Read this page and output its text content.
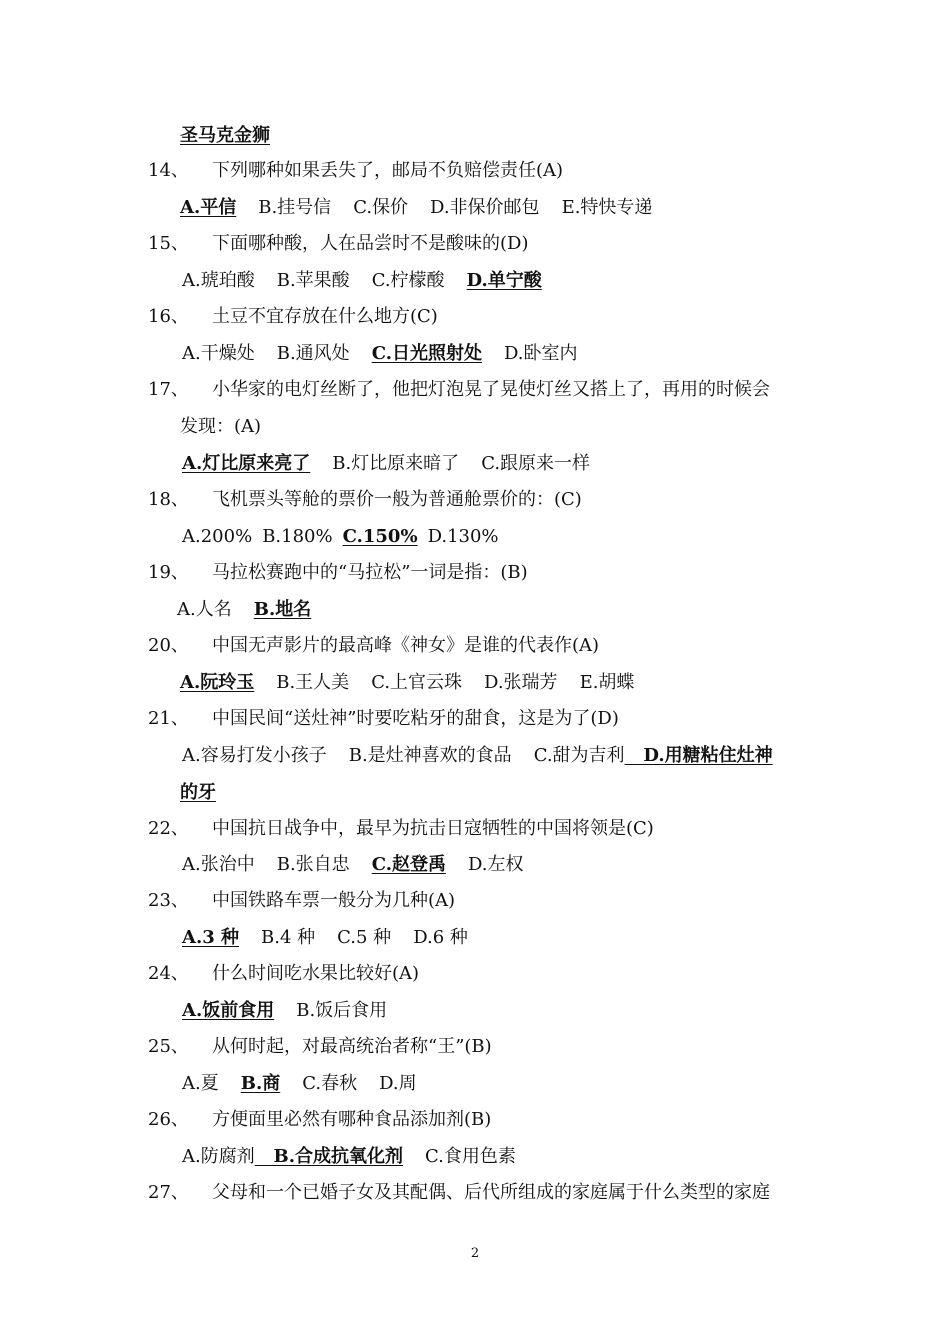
圣马克金狮
14、 下列哪种如果丢失了，邮局不负赔偿责任(A)
A.平信 B.挂号信 C.保价 D.非保价邮包 E.特快专递
15、 下面哪种酸，人在品尝时不是酸味的(D)
A.琥珀酸 B.苹果酸 C.柠檬酸 D.单宁酸
16、 土豆不宜存放在什么地方(C)
A.干燥处 B.通风处 C.日光照射处 D.卧室内
17、 小华家的电灯丝断了，他把灯泡晃了晃使灯丝又搭上了，再用的时候会
发现：(A)
A.灯比原来亮了 B.灯比原来暗了 C.跟原来一样
18、 飞机票头等舱的票价一般为普通舱票价的：(C)
A.200% B.180% C.150% D.130%
19、 马拉松赛跑中的“马拉松”一词是指：(B)
A.人名 B.地名
20、 中国无声影片的最高峰《神女》是谁的代表作(A)
A.阮玲玉 B.王人美 C.上官云珠 D.张瑞芳 E.胡蝶
21、 中国民间“送灶神”时要吃粘牙的甜食，这是为了(D)
A.容易打发小孩子 B.是灶神喜欢的食品 C.甜为吉利   D.用糖粘住灶神
的牙
22、 中国抗日战争中，最早为抗击日寇牺牲的中国将领是(C)
A.张治中 B.张自忠 C.赵登禹 D.左权
23、 中国铁路车票一般分为几种(A)
A.3 种 B.4 种 C.5 种 D.6 种
24、 什么时间吃水果比较好(A)
A.饭前食用 B.饭后食用
25、 从何时起，对最高统治者称“王”(B)
A.夏 B.商 C.春秋 D.周
26、 方便面里必然有哪种食品添加剂(B)
A.防腐剂   B.合成抗氧化剂 C.食用色素
27、 父母和一个已婚子女及其配偶、后代所组成的家庭属于什么类型的家庭
2
